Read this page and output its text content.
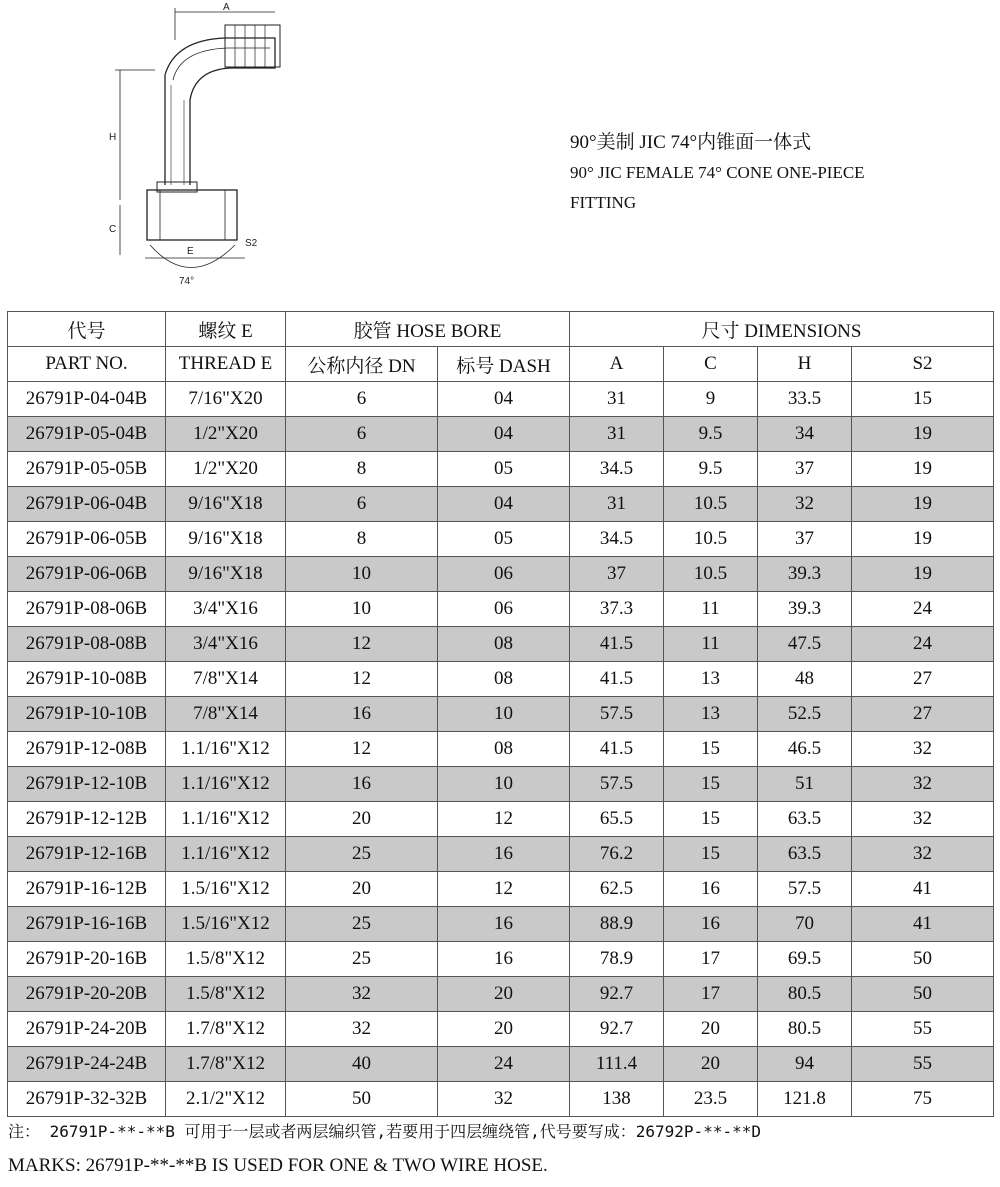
A
H
C
E
S2
74°
90°美制 JIC 74°内锥面一体式
90° JIC FEMALE 74° CONE ONE-PIECE
FITTING
代号	螺纹 E	胶管 HOSE BORE		尺寸 DIMENSIONS			
PART NO.	THREAD E	公称内径 DN	标号 DASH	A	C	H	S2
26791P-04-04B	7/16"X20	6	04	31	9	33.5	15
26791P-05-04B	1/2"X20	6	04	31	9.5	34	19
26791P-05-05B	1/2"X20	8	05	34.5	9.5	37	19
26791P-06-04B	9/16"X18	6	04	31	10.5	32	19
26791P-06-05B	9/16"X18	8	05	34.5	10.5	37	19
26791P-06-06B	9/16"X18	10	06	37	10.5	39.3	19
26791P-08-06B	3/4"X16	10	06	37.3	11	39.3	24
26791P-08-08B	3/4"X16	12	08	41.5	11	47.5	24
26791P-10-08B	7/8"X14	12	08	41.5	13	48	27
26791P-10-10B	7/8"X14	16	10	57.5	13	52.5	27
26791P-12-08B	1.1/16"X12	12	08	41.5	15	46.5	32
26791P-12-10B	1.1/16"X12	16	10	57.5	15	51	32
26791P-12-12B	1.1/16"X12	20	12	65.5	15	63.5	32
26791P-12-16B	1.1/16"X12	25	16	76.2	15	63.5	32
26791P-16-12B	1.5/16"X12	20	12	62.5	16	57.5	41
26791P-16-16B	1.5/16"X12	25	16	88.9	16	70	41
26791P-20-16B	1.5/8"X12	25	16	78.9	17	69.5	50
26791P-20-20B	1.5/8"X12	32	20	92.7	17	80.5	50
26791P-24-20B	1.7/8"X12	32	20	92.7	20	80.5	55
26791P-24-24B	1.7/8"X12	40	24	111.4	20	94	55
26791P-32-32B	2.1/2"X12	50	32	138	23.5	121.8	75
注： 26791P-**-**B 可用于一层或者两层编织管,若要用于四层缠绕管,代号要写成：26792P-**-**D
MARKS: 26791P-**-**B IS USED FOR ONE & TWO WIRE HOSE.
